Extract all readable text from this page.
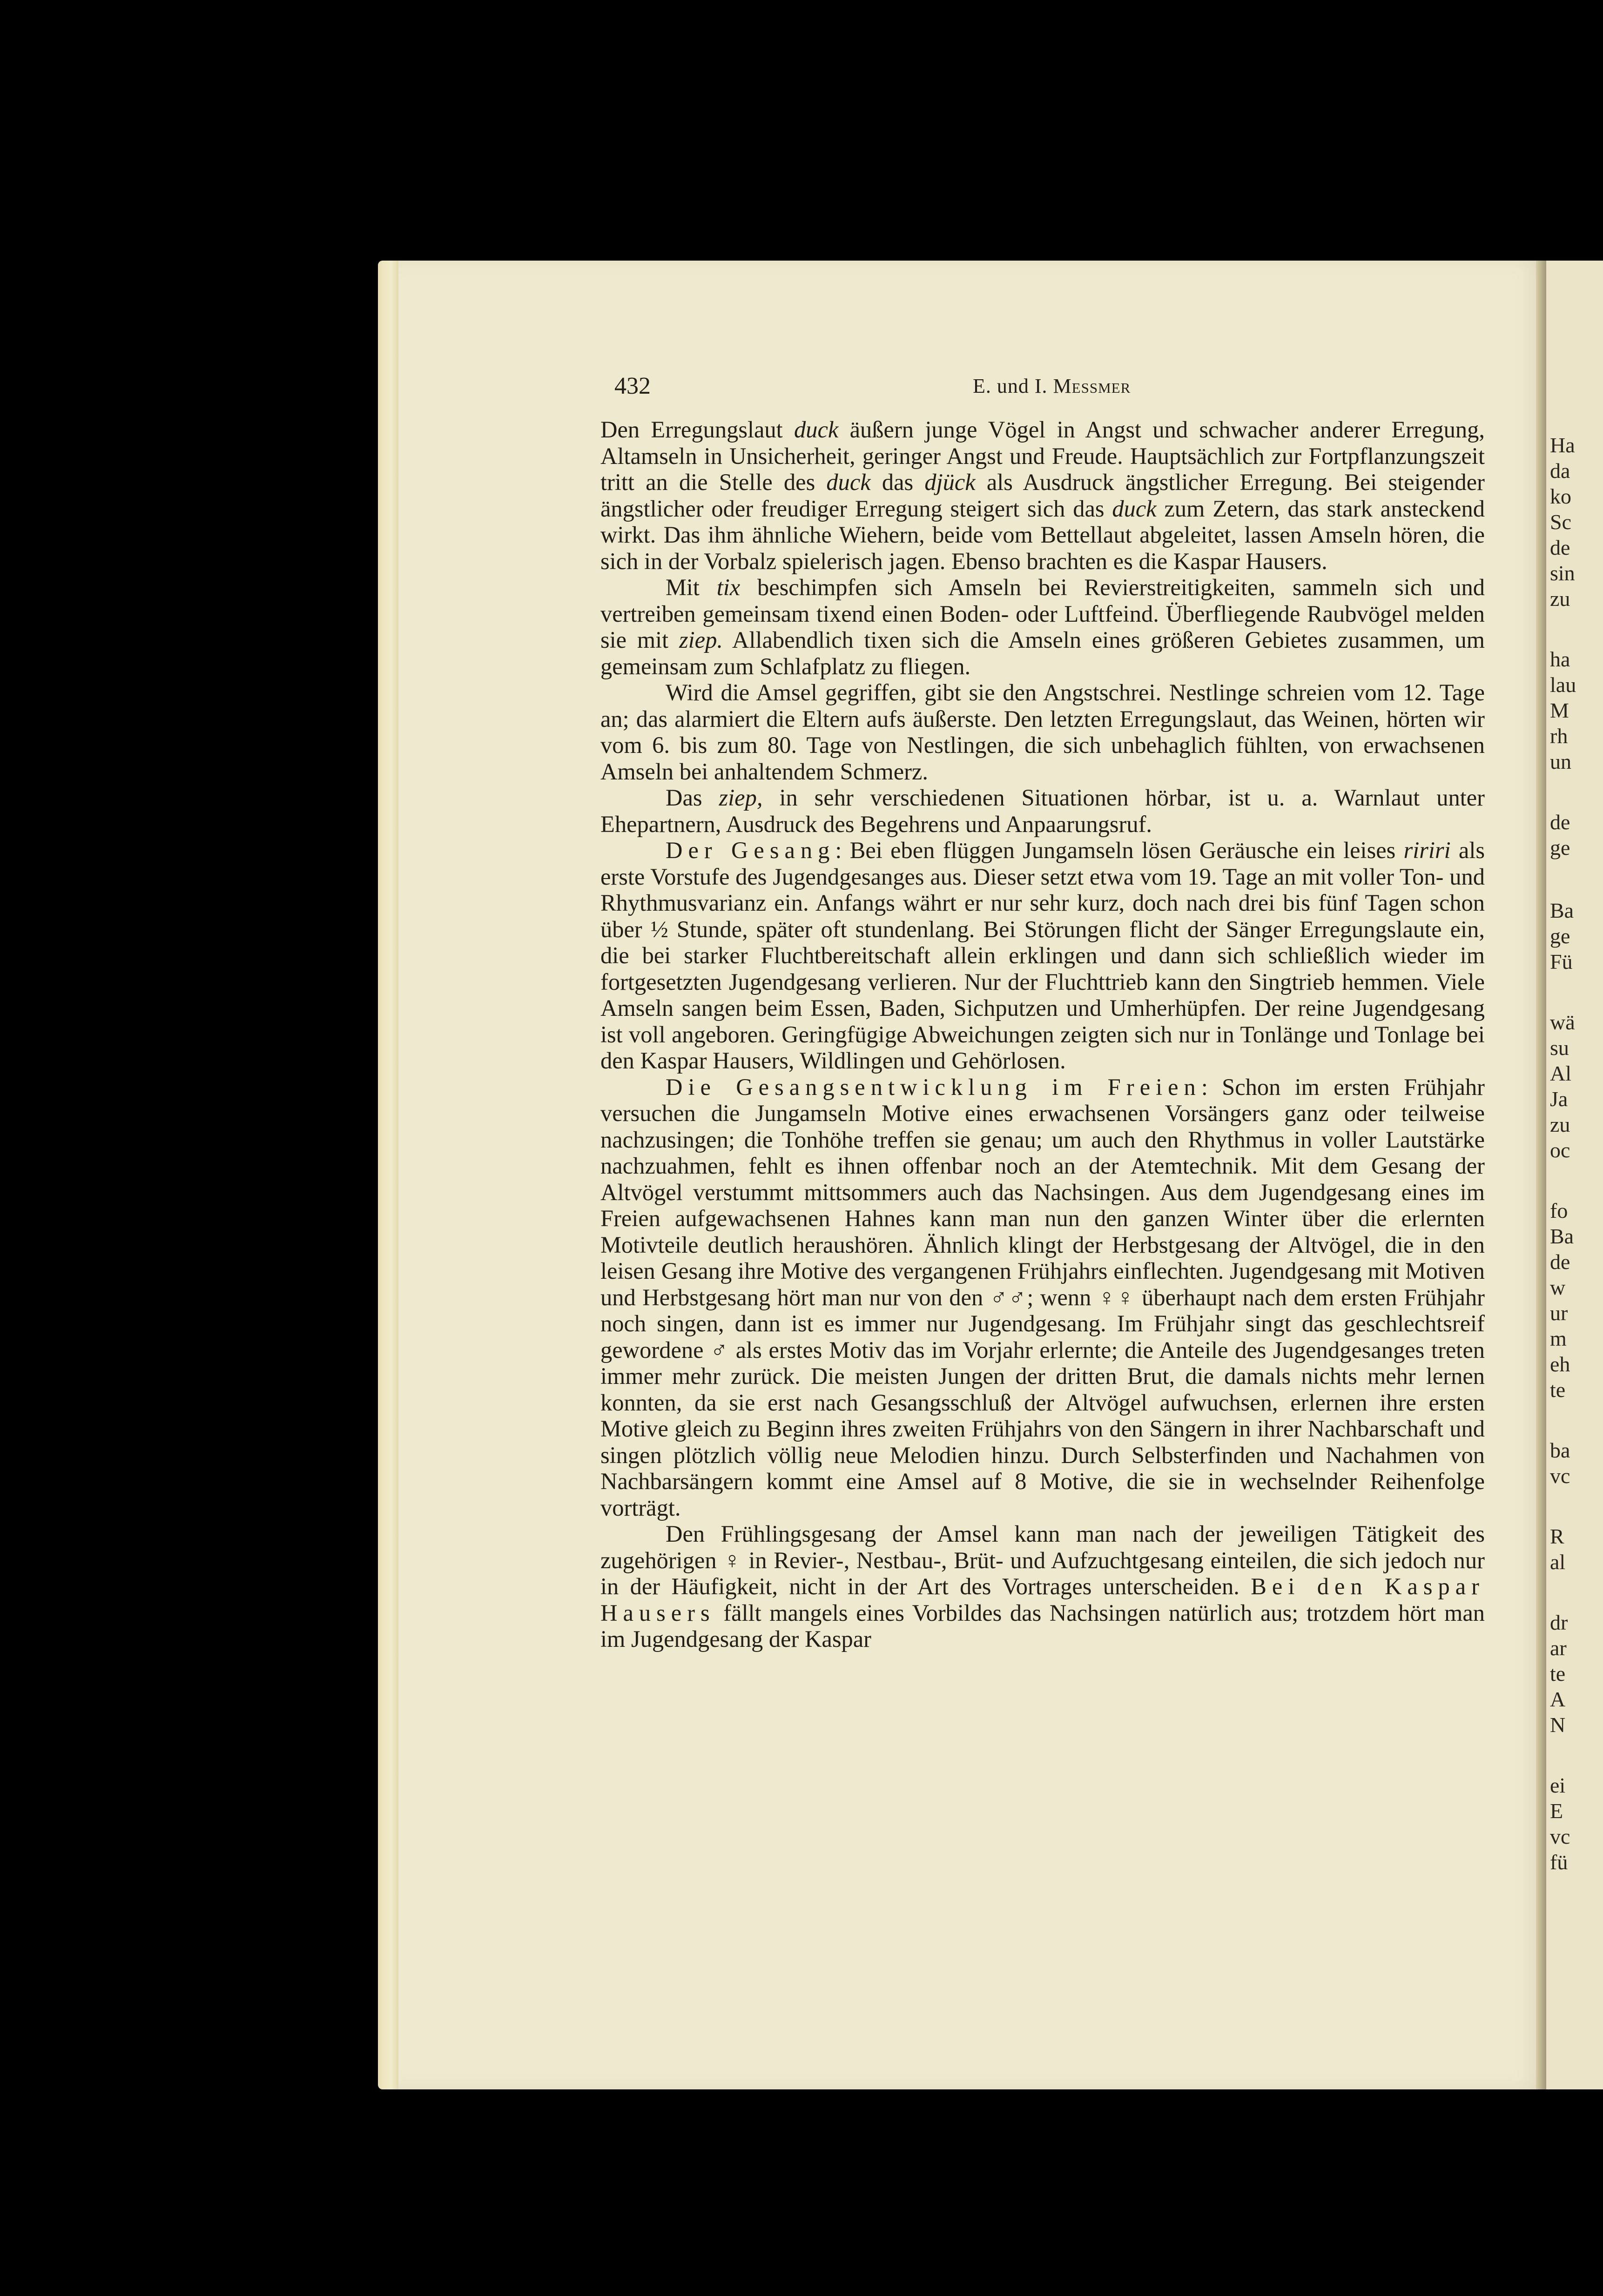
Ha
da
ko
Sc
de
sin
zu
ha
lau
M
rh
un
de
ge
Ba
ge
Fü
wä
su
Al
Ja
zu
oc
fo
Ba
de
w
ur
m
eh
te
ba
vc
R
al
dr
ar
te
A
N
ei
E
vc
fü
432	E. und I. Messmer

Den Erregungslaut duck äußern junge Vögel in Angst und schwacher anderer Erregung, Altamseln in Unsicherheit, geringer Angst und Freude. Hauptsächlich zur Fortpflanzungszeit tritt an die Stelle des duck das djück als Ausdruck ängstlicher Erregung. Bei steigender ängstlicher oder freudiger Erregung steigert sich das duck zum Zetern, das stark ansteckend wirkt. Das ihm ähnliche Wiehern, beide vom Bettellaut abgeleitet, lassen Amseln hören, die sich in der Vorbalz spielerisch jagen. Ebenso brachten es die Kaspar Hausers.

Mit tix beschimpfen sich Amseln bei Revierstreitigkeiten, sammeln sich und vertreiben gemeinsam tixend einen Boden- oder Luftfeind. Überfliegende Raubvögel melden sie mit ziep. Allabendlich tixen sich die Amseln eines größeren Gebietes zusammen, um gemeinsam zum Schlafplatz zu fliegen.

Wird die Amsel gegriffen, gibt sie den Angstschrei. Nestlinge schreien vom 12. Tage an; das alarmiert die Eltern aufs äußerste. Den letzten Erregungslaut, das Weinen, hörten wir vom 6. bis zum 80. Tage von Nestlingen, die sich unbehaglich fühlten, von erwachsenen Amseln bei anhaltendem Schmerz.

Das ziep, in sehr verschiedenen Situationen hörbar, ist u. a. Warnlaut unter Ehepartnern, Ausdruck des Begehrens und Anpaarungsruf.

Der Gesang: Bei eben flüggen Jungamseln lösen Geräusche ein leises ririri als erste Vorstufe des Jugendgesanges aus. Dieser setzt etwa vom 19. Tage an mit voller Ton- und Rhythmusvarianz ein. Anfangs währt er nur sehr kurz, doch nach drei bis fünf Tagen schon über ½ Stunde, später oft stundenlang. Bei Störungen flicht der Sänger Erregungslaute ein, die bei starker Fluchtbereitschaft allein erklingen und dann sich schließlich wieder im fortgesetzten Jugendgesang verlieren. Nur der Fluchttrieb kann den Singtrieb hemmen. Viele Amseln sangen beim Essen, Baden, Sichputzen und Umherhüpfen. Der reine Jugendgesang ist voll angeboren. Geringfügige Abweichungen zeigten sich nur in Tonlänge und Tonlage bei den Kaspar Hausers, Wildlingen und Gehörlosen.

Die Gesangsentwicklung im Freien: Schon im ersten Frühjahr versuchen die Jungamseln Motive eines erwachsenen Vorsängers ganz oder teilweise nachzusingen; die Tonhöhe treffen sie genau; um auch den Rhythmus in voller Lautstärke nachzuahmen, fehlt es ihnen offenbar noch an der Atemtechnik. Mit dem Gesang der Altvögel verstummt mittsommers auch das Nachsingen. Aus dem Jugendgesang eines im Freien aufgewachsenen Hahnes kann man nun den ganzen Winter über die erlernten Motivteile deutlich heraushören. Ähnlich klingt der Herbstgesang der Altvögel, die in den leisen Gesang ihre Motive des vergangenen Frühjahrs einflechten. Jugendgesang mit Motiven und Herbstgesang hört man nur von den ♂♂; wenn ♀♀ überhaupt nach dem ersten Frühjahr noch singen, dann ist es immer nur Jugendgesang. Im Frühjahr singt das geschlechtsreif gewordene ♂ als erstes Motiv das im Vorjahr erlernte; die Anteile des Jugendgesanges treten immer mehr zurück. Die meisten Jungen der dritten Brut, die damals nichts mehr lernen konnten, da sie erst nach Gesangsschluß der Altvögel aufwuchsen, erlernen ihre ersten Motive gleich zu Beginn ihres zweiten Frühjahrs von den Sängern in ihrer Nachbarschaft und singen plötzlich völlig neue Melodien hinzu. Durch Selbsterfinden und Nachahmen von Nachbarsängern kommt eine Amsel auf 8 Motive, die sie in wechselnder Reihenfolge vorträgt.

Den Frühlingsgesang der Amsel kann man nach der jeweiligen Tätigkeit des zugehörigen ♀ in Revier-, Nestbau-, Brüt- und Aufzuchtgesang einteilen, die sich jedoch nur in der Häufigkeit, nicht in der Art des Vortrages unterscheiden. Bei den Kaspar Hausers fällt mangels eines Vorbildes das Nachsingen natürlich aus; trotzdem hört man im Jugendgesang der Kaspar
